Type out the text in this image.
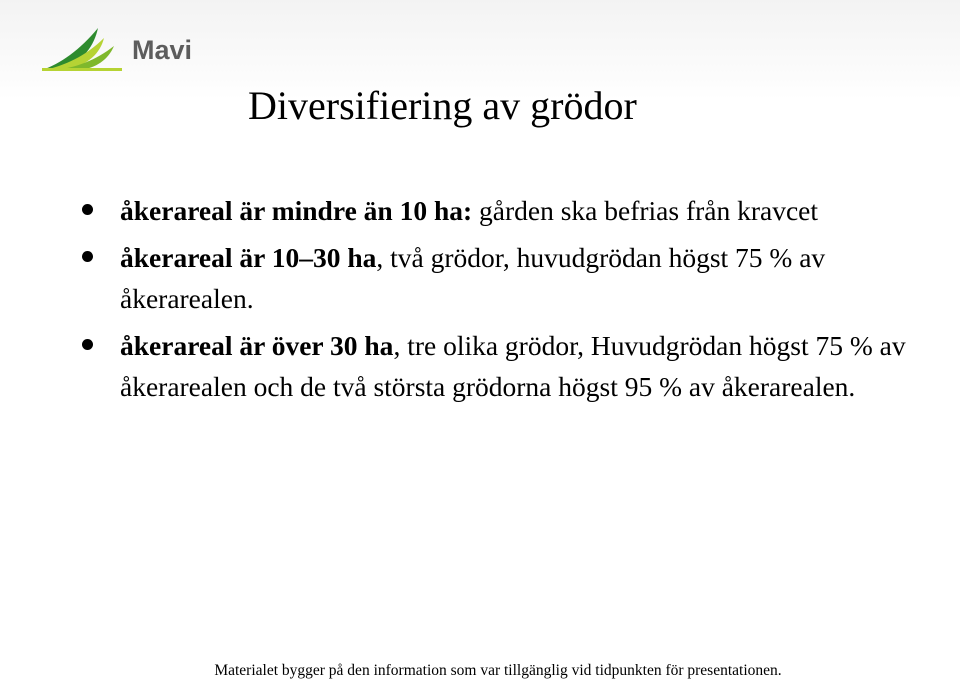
Mavi
Diversifiering av grödor
åkerareal är mindre än 10 ha: gården ska befrias från kravcet
åkerareal är 10–30 ha, två grödor, huvudgrödan högst 75 % av åkerarealen.
åkerareal är över 30 ha, tre olika grödor, Huvudgrödan högst 75 % av åkerarealen och de två största grödorna högst 95 % av åkerarealen.
Materialet bygger på den information som var tillgänglig vid tidpunkten för presentationen.
